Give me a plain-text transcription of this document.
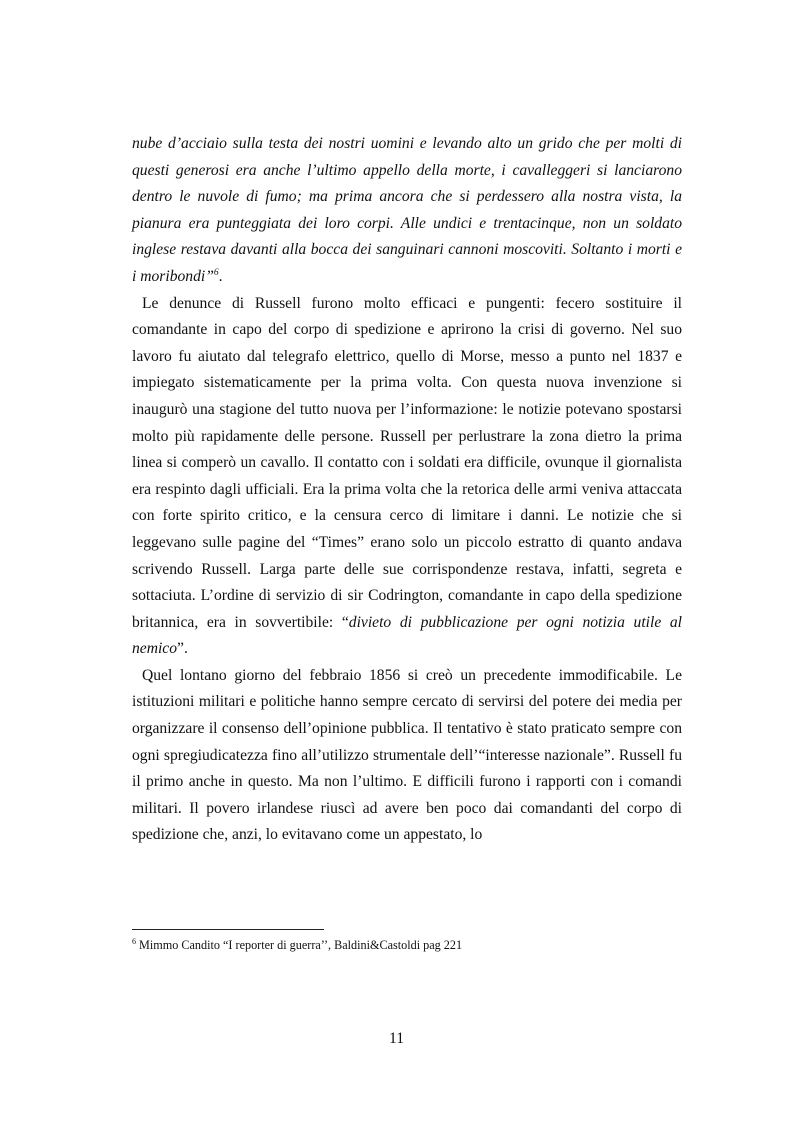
nube d’acciaio sulla testa dei nostri uomini e levando alto un grido che per molti di questi generosi era anche l’ultimo appello della morte, i cavalleggeri si lanciarono dentro le nuvole di fumo; ma prima ancora che si perdessero alla nostra vista, la pianura era punteggiata dei loro corpi. Alle undici e trentacinque, non un soldato inglese restava davanti alla bocca dei sanguinari cannoni moscoviti. Soltanto i morti e i moribondi”$^6$.

Le denunce di Russell furono molto efficaci e pungenti: fecero sostituire il comandante in capo del corpo di spedizione e aprirono la crisi di governo. Nel suo lavoro fu aiutato dal telegrafo elettrico, quello di Morse, messo a punto nel 1837 e impiegato sistematicamente per la prima volta. Con questa nuova invenzione si inaugurò una stagione del tutto nuova per l’informazione: le notizie potevano spostarsi molto più rapidamente delle persone. Russell per perlustrare la zona dietro la prima linea si comperò un cavallo. Il contatto con i soldati era difficile, ovunque il giornalista era respinto dagli ufficiali. Era la prima volta che la retorica delle armi veniva attaccata con forte spirito critico, e la censura cerco di limitare i danni. Le notizie che si leggevano sulle pagine del “Times” erano solo un piccolo estratto di quanto andava scrivendo Russell. Larga parte delle sue corrispondenze restava, infatti, segreta e sottaciuta. L’ordine di servizio di sir Codrington, comandante in capo della spedizione britannica, era in sovvertibile: “divieto di pubblicazione per ogni notizia utile al nemico”.

Quel lontano giorno del febbraio 1856 si creò un precedente immodificabile. Le istituzioni militari e politiche hanno sempre cercato di servirsi del potere dei media per organizzare il consenso dell’opinione pubblica. Il tentativo è stato praticato sempre con ogni spregiudicatezza fino all’utilizzo strumentale dell’“interesse nazionale”. Russell fu il primo anche in questo. Ma non l’ultimo. E difficili furono i rapporti con i comandi militari. Il povero irlandese riuscì ad avere ben poco dai comandanti del corpo di spedizione che, anzi, lo evitavano come un appestato, lo

$^6$ Mimmo Candito “I reporter di guerra’’, Baldini&Castoldi pag 221
11
